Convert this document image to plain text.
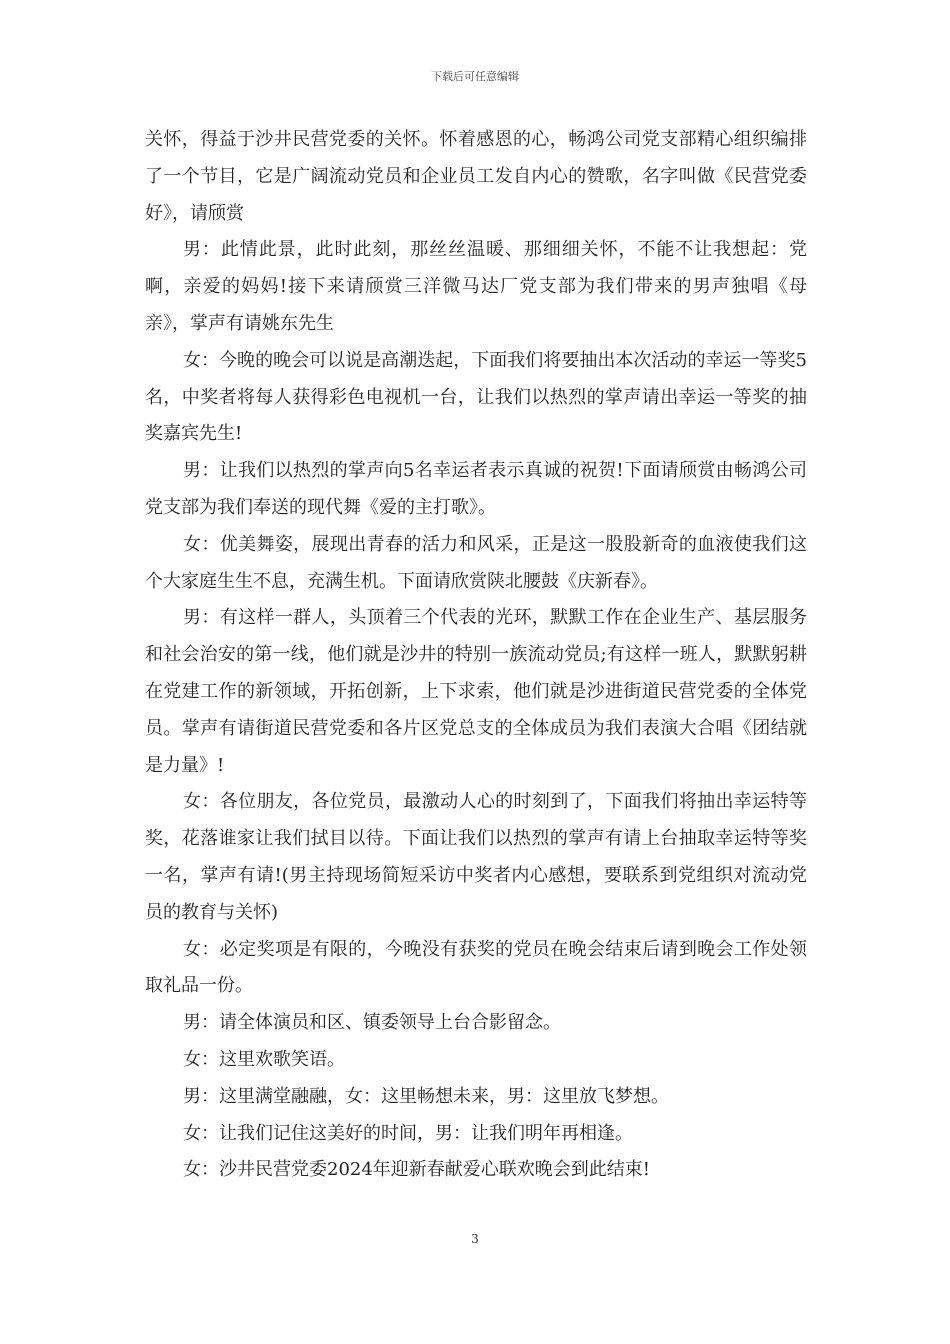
下载后可任意编辑

关怀，得益于沙井民营党委的关怀。怀着感恩的心，畅鸿公司党支部精心组织编排了一个节目，它是广阔流动党员和企业员工发自内心的赞歌，名字叫做《民营党委好》，请颀赏

男：此情此景，此时此刻，那丝丝温暖、那细细关怀，不能不让我想起：党啊，亲爱的妈妈!接下来请颀赏三洋微马达厂党支部为我们带来的男声独唱《母亲》，掌声有请姚东先生

女：今晚的晚会可以说是高潮迭起，下面我们将要抽出本次活动的幸运一等奖5名，中奖者将每人获得彩色电视机一台，让我们以热烈的掌声请出幸运一等奖的抽奖嘉宾先生!

男：让我们以热烈的掌声向5名幸运者表示真诚的祝贺!下面请颀赏由畅鸿公司党支部为我们奉送的现代舞《爱的主打歌》。

女：优美舞姿，展现出青春的活力和风采，正是这一股股新奇的血液使我们这个大家庭生生不息，充满生机。下面请欣赏陕北腰鼓《庆新春》。

男：有这样一群人，头顶着三个代表的光环，默默工作在企业生产、基层服务和社会治安的第一线，他们就是沙井的特别一族流动党员;有这样一班人，默默躬耕在党建工作的新领域，开拓创新，上下求索，他们就是沙进街道民营党委的全体党员。掌声有请街道民营党委和各片区党总支的全体成员为我们表演大合唱《团结就是力量》!

女：各位朋友，各位党员，最激动人心的时刻到了，下面我们将抽出幸运特等奖，花落谁家让我们拭目以待。下面让我们以热烈的掌声有请上台抽取幸运特等奖一名，掌声有请!(男主持现场简短采访中奖者内心感想，要联系到党组织对流动党员的教育与关怀)

女：必定奖项是有限的，今晚没有获奖的党员在晚会结束后请到晚会工作处领取礼品一份。

男：请全体演员和区、镇委领导上台合影留念。

女：这里欢歌笑语。

男：这里满堂融融，女：这里畅想未来，男：这里放飞梦想。

女：让我们记住这美好的时间，男：让我们明年再相逢。

女：沙井民营党委2024年迎新春献爱心联欢晚会到此结束!

3
